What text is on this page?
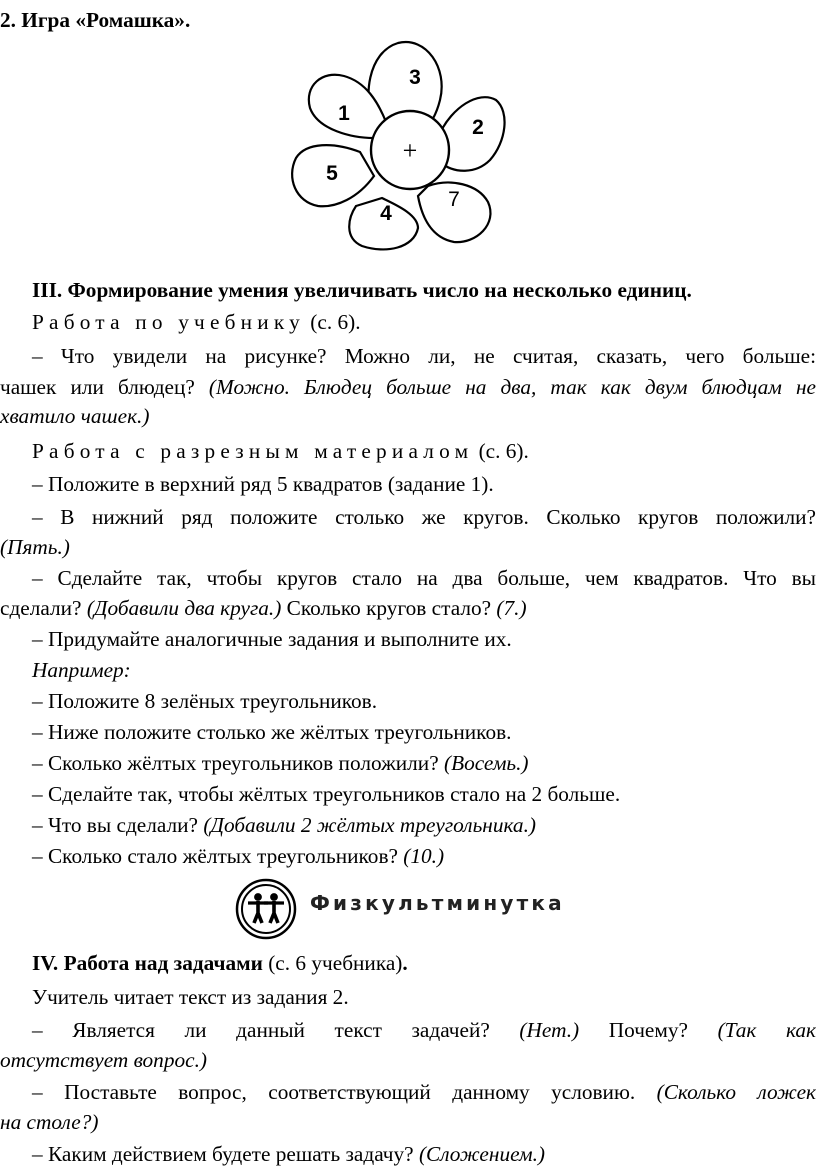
2. Игра «Ромашка».
+
1
3
2
5
4
7
III. Формирование умения увеличивать число на несколько единиц.
Работа по учебнику (с. 6).
– Что увидели на рисунке? Можно ли, не считая, сказать, чего больше:
чашек или блюдец? (Можно. Блюдец больше на два, так как двум блюдцам не
хватило чашек.)
Работа с разрезным материалом (с. 6).
– Положите в верхний ряд 5 квадратов (задание 1).
– В нижний ряд положите столько же кругов. Сколько кругов положили?
(Пять.)
– Сделайте так, чтобы кругов стало на два больше, чем квадратов. Что вы
сделали? (Добавили два круга.) Сколько кругов стало? (7.)
– Придумайте аналогичные задания и выполните их.
Например:
– Положите 8 зелёных треугольников.
– Ниже положите столько же жёлтых треугольников.
– Сколько жёлтых треугольников положили? (Восемь.)
– Сделайте так, чтобы жёлтых треугольников стало на 2 больше.
– Что вы сделали? (Добавили 2 жёлтых треугольника.)
– Сколько стало жёлтых треугольников? (10.)
Физкультминутка
IV. Работа над задачами (с. 6 учебника).
Учитель читает текст из задания 2.
– Является ли данный текст задачей? (Нет.) Почему? (Так как
отсутствует вопрос.)
– Поставьте вопрос, соответствующий данному условию. (Сколько ложек
на столе?)
– Каким действием будете решать задачу? (Сложением.)
